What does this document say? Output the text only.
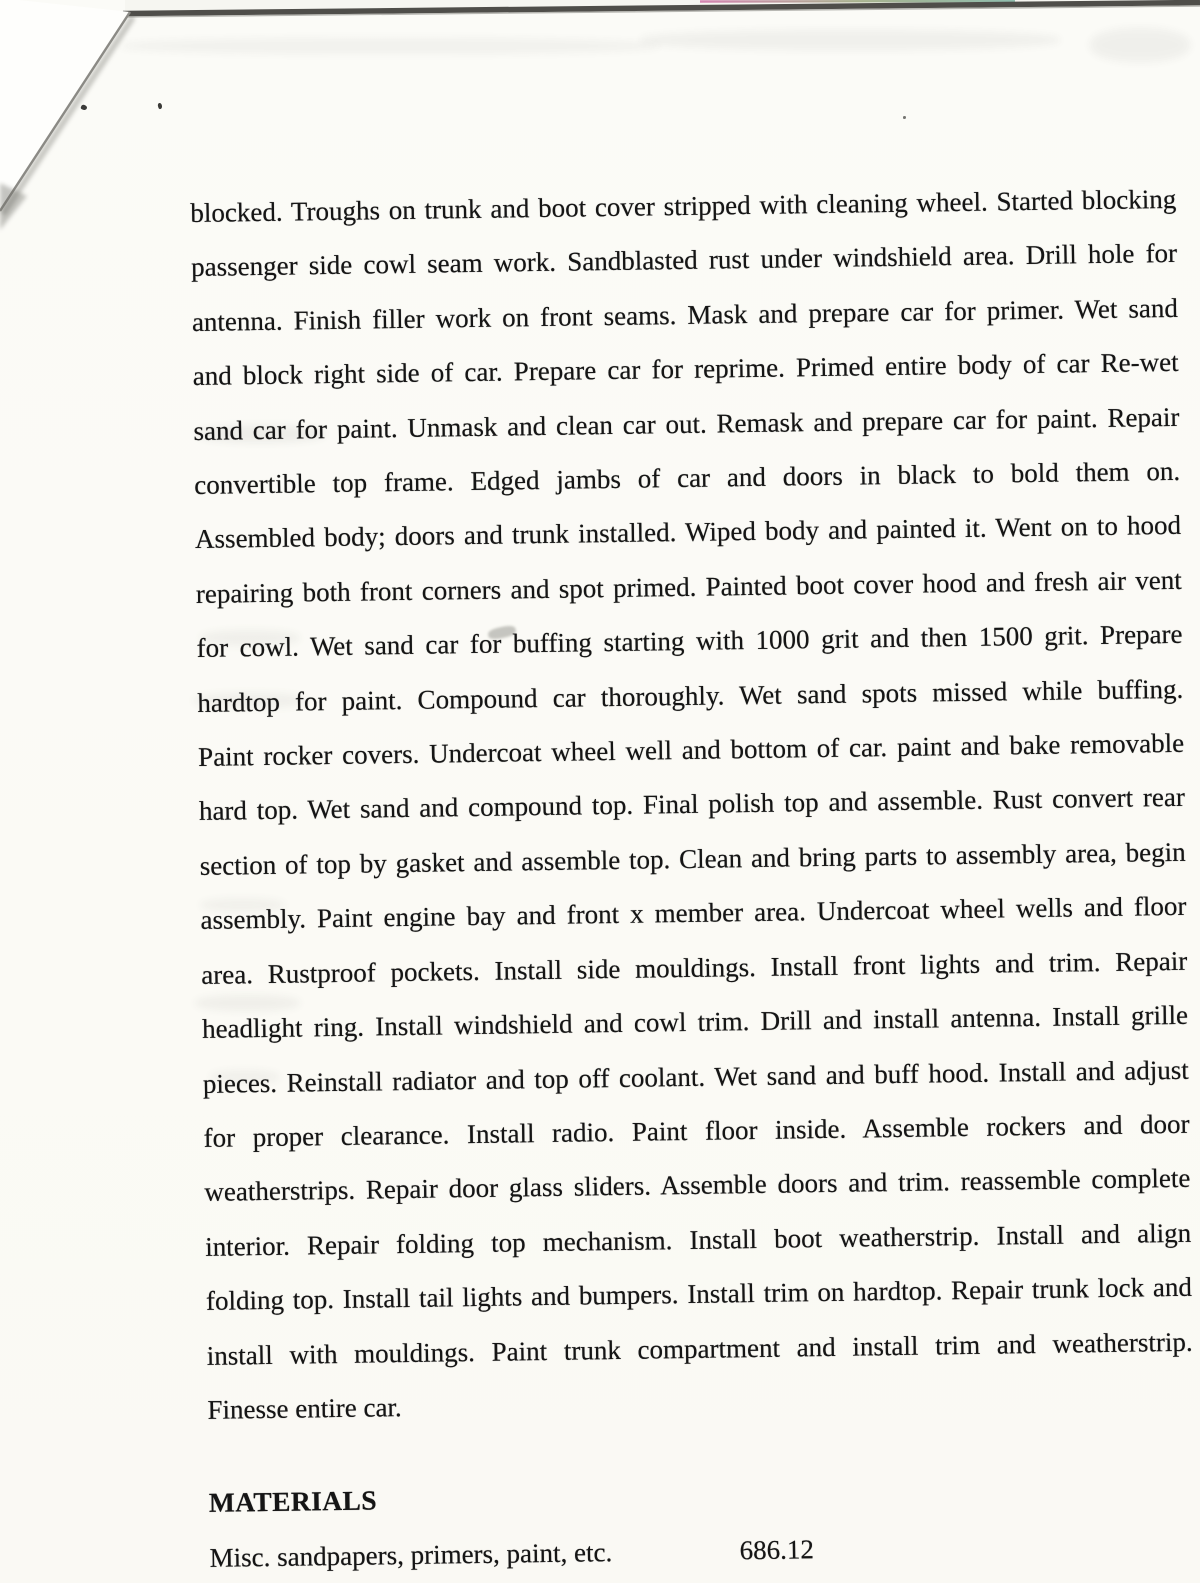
blocked. Troughs on trunk and boot cover stripped with cleaning wheel. Started blocking
passenger side cowl seam work. Sandblasted rust under windshield area. Drill hole for
antenna. Finish filler work on front seams. Mask and prepare car for primer. Wet sand
and block right side of car. Prepare car for reprime. Primed entire body of car Re-wet
sand car for paint. Unmask and clean car out. Remask and prepare car for paint. Repair
convertible top frame. Edged jambs of car and doors in black to bold them on.
Assembled body; doors and trunk installed. Wiped body and painted it. Went on to hood
repairing both front corners and spot primed. Painted boot cover hood and fresh air vent
for cowl. Wet sand car for buffing starting with 1000 grit and then 1500 grit. Prepare
hardtop for paint. Compound car thoroughly. Wet sand spots missed while buffing.
Paint rocker covers. Undercoat wheel well and bottom of car. paint and bake removable
hard top. Wet sand and compound top. Final polish top and assemble. Rust convert rear
section of top by gasket and assemble top. Clean and bring parts to assembly area, begin
assembly. Paint engine bay and front x member area. Undercoat wheel wells and floor
area. Rustproof pockets. Install side mouldings. Install front lights and trim. Repair
headlight ring. Install windshield and cowl trim. Drill and install antenna. Install grille
pieces. Reinstall radiator and top off coolant. Wet sand and buff hood. Install and adjust
for proper clearance. Install radio. Paint floor inside. Assemble rockers and door
weatherstrips. Repair door glass sliders. Assemble doors and trim. reassemble complete
interior. Repair folding top mechanism. Install boot weatherstrip. Install and align
folding top. Install tail lights and bumpers. Install trim on hardtop. Repair trunk lock and
install with mouldings. Paint trunk compartment and install trim and weatherstrip.
Finesse entire car.
MATERIALS
Misc. sandpapers, primers, paint, etc.	686.12
